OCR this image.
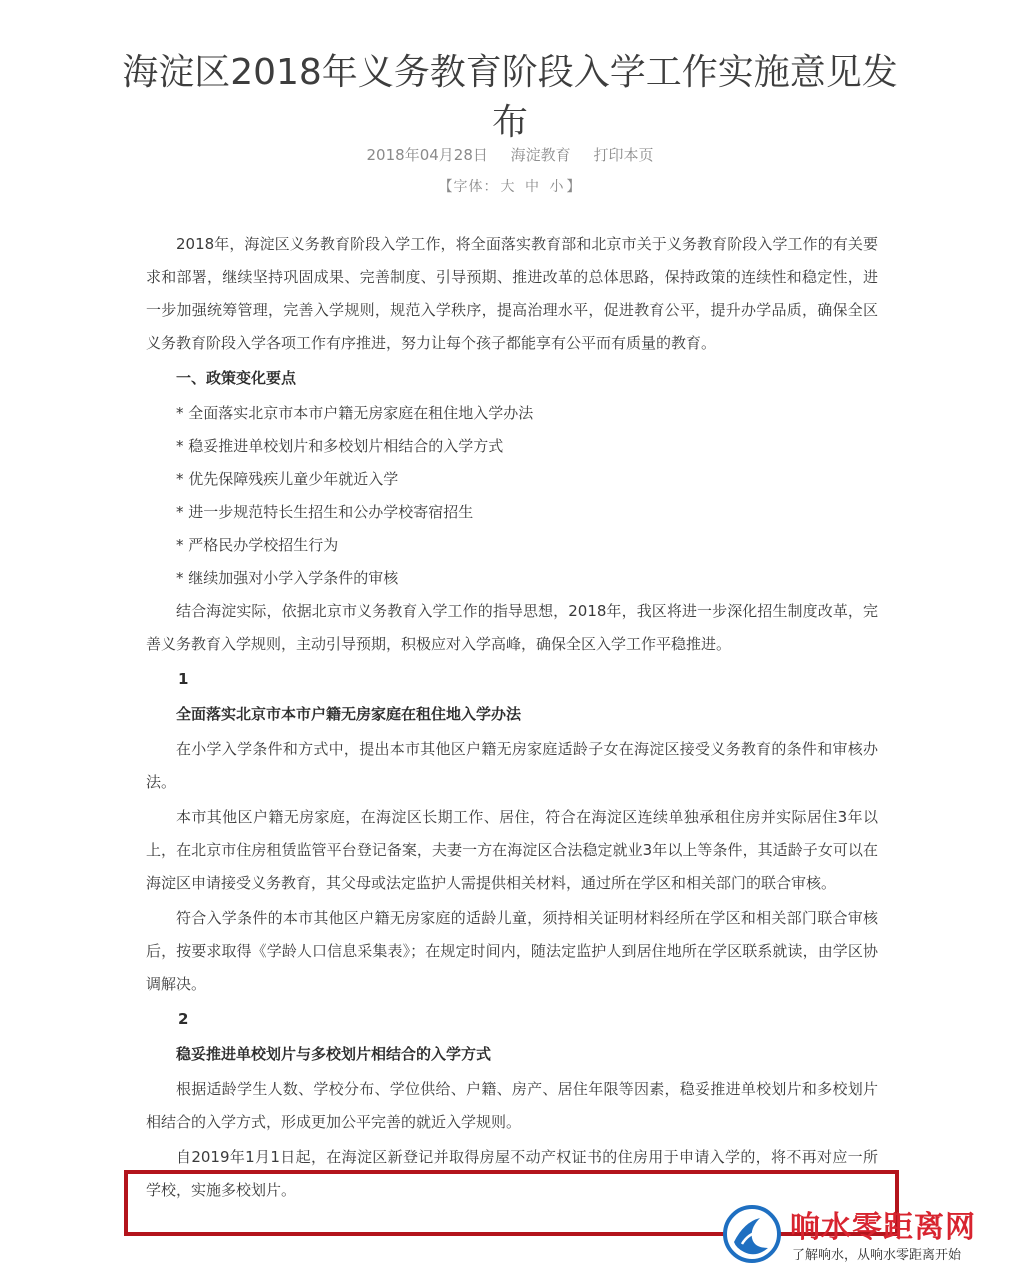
海淀区2018年义务教育阶段入学工作实施意见发布
2018年04月28日 海淀教育 打印本页
【字体： 大 中 小 】

2018年，海淀区义务教育阶段入学工作，将全面落实教育部和北京市关于义务教育阶段入学工作的有关要求和部署，继续坚持巩固成果、完善制度、引导预期、推进改革的总体思路，保持政策的连续性和稳定性，进一步加强统筹管理，完善入学规则，规范入学秩序，提高治理水平，促进教育公平，提升办学品质，确保全区义务教育阶段入学各项工作有序推进，努力让每个孩子都能享有公平而有质量的教育。

一、政策变化要点

* 全面落实北京市本市户籍无房家庭在租住地入学办法

* 稳妥推进单校划片和多校划片相结合的入学方式

* 优先保障残疾儿童少年就近入学

* 进一步规范特长生招生和公办学校寄宿招生

* 严格民办学校招生行为

* 继续加强对小学入学条件的审核

结合海淀实际，依据北京市义务教育入学工作的指导思想，2018年，我区将进一步深化招生制度改革，完善义务教育入学规则，主动引导预期，积极应对入学高峰，确保全区入学工作平稳推进。

1

全面落实北京市本市户籍无房家庭在租住地入学办法

在小学入学条件和方式中，提出本市其他区户籍无房家庭适龄子女在海淀区接受义务教育的条件和审核办法。

本市其他区户籍无房家庭，在海淀区长期工作、居住，符合在海淀区连续单独承租住房并实际居住3年以上，在北京市住房租赁监管平台登记备案，夫妻一方在海淀区合法稳定就业3年以上等条件，其适龄子女可以在海淀区申请接受义务教育，其父母或法定监护人需提供相关材料，通过所在学区和相关部门的联合审核。

符合入学条件的本市其他区户籍无房家庭的适龄儿童，须持相关证明材料经所在学区和相关部门联合审核后，按要求取得《学龄人口信息采集表》；在规定时间内，随法定监护人到居住地所在学区联系就读，由学区协调解决。

2

稳妥推进单校划片与多校划片相结合的入学方式

根据适龄学生人数、学校分布、学位供给、户籍、房产、居住年限等因素，稳妥推进单校划片和多校划片相结合的入学方式，形成更加公平完善的就近入学规则。

自2019年1月1日起，在海淀区新登记并取得房屋不动产权证书的住房用于申请入学的，将不再对应一所学校，实施多校划片。

响水零距离网
了解响水，从响水零距离开始
